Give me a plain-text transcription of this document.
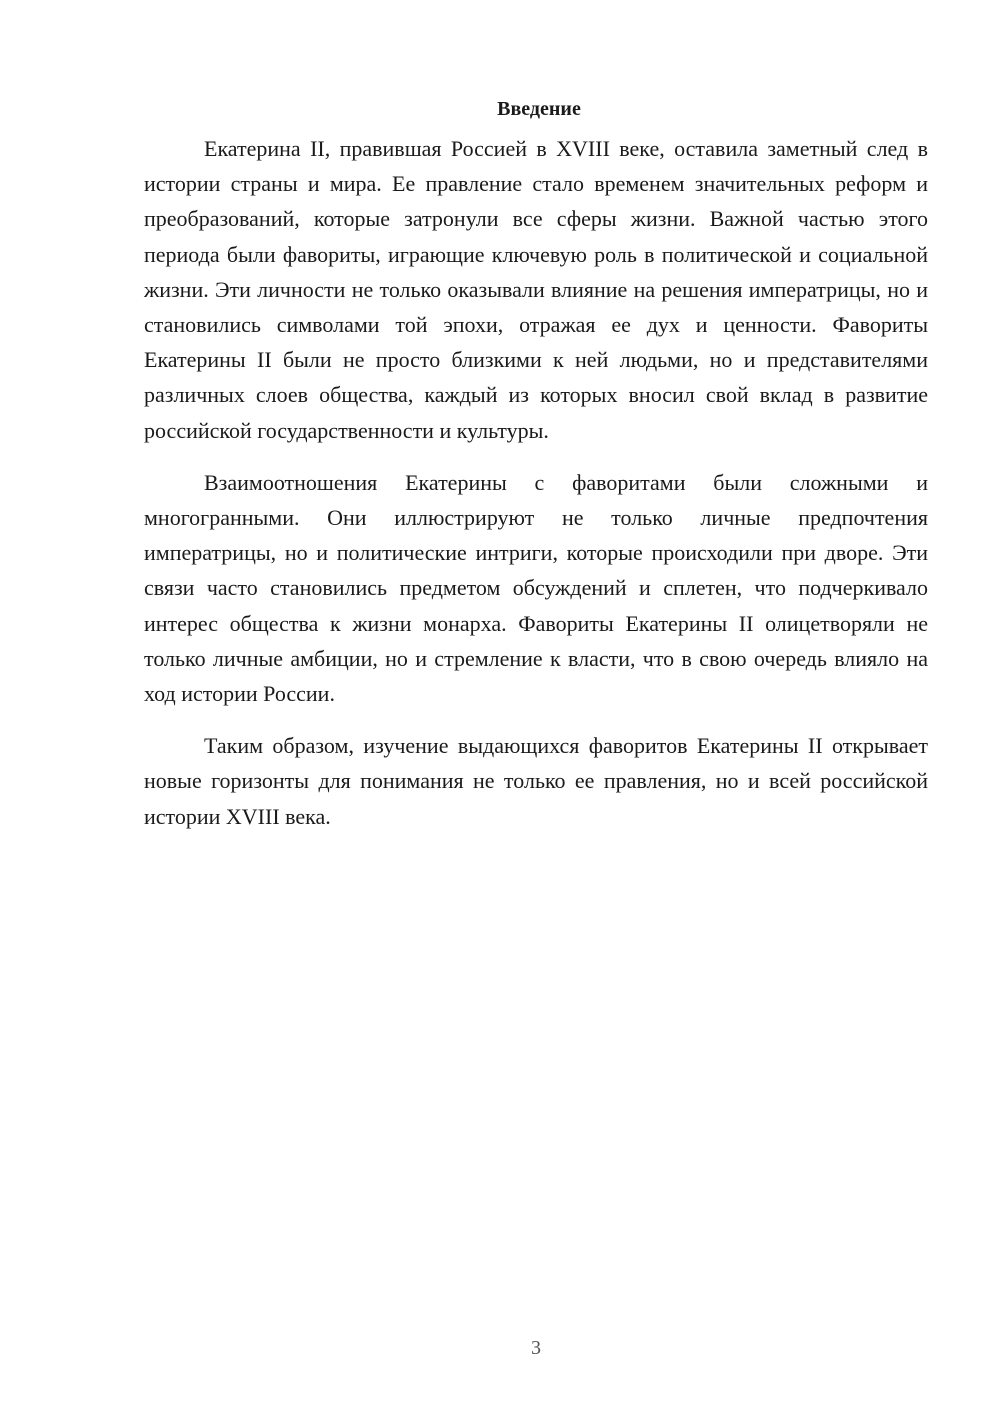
Введение

Екатерина II, правившая Россией в XVIII веке, оставила заметный след в истории страны и мира. Ее правление стало временем значительных реформ и преобразований, которые затронули все сферы жизни. Важной частью этого периода были фавориты, играющие ключевую роль в политической и социальной жизни. Эти личности не только оказывали влияние на решения императрицы, но и становились символами той эпохи, отражая ее дух и ценности. Фавориты Екатерины II были не просто близкими к ней людьми, но и представителями различных слоев общества, каждый из которых вносил свой вклад в развитие российской государственности и культуры.

Взаимоотношения Екатерины с фаворитами были сложными и многогранными. Они иллюстрируют не только личные предпочтения императрицы, но и политические интриги, которые происходили при дворе. Эти связи часто становились предметом обсуждений и сплетен, что подчеркивало интерес общества к жизни монарха. Фавориты Екатерины II олицетворяли не только личные амбиции, но и стремление к власти, что в свою очередь влияло на ход истории России.

Таким образом, изучение выдающихся фаворитов Екатерины II открывает новые горизонты для понимания не только ее правления, но и всей российской истории XVIII века.

3
